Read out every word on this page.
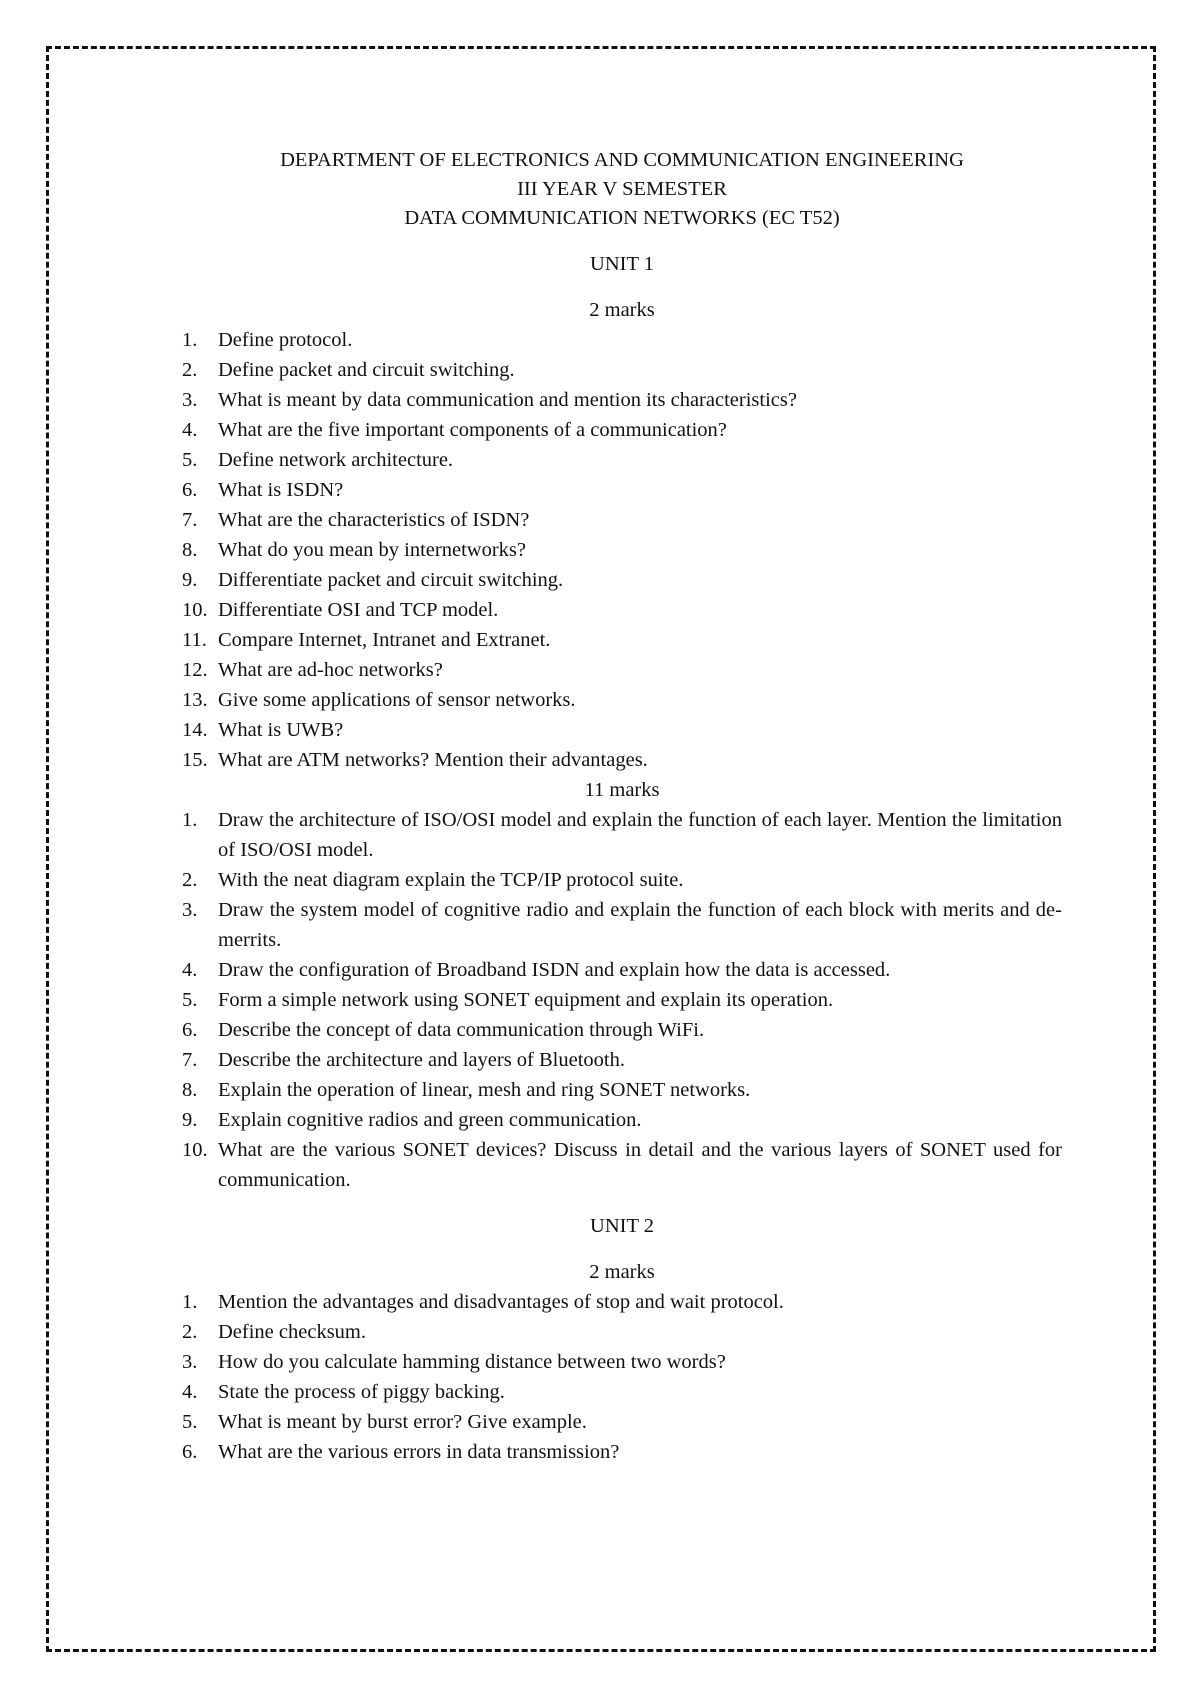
DEPARTMENT OF ELECTRONICS AND COMMUNICATION ENGINEERING
III YEAR V SEMESTER
DATA COMMUNICATION NETWORKS (EC T52)
UNIT 1
2 marks
1.	Define protocol.
2.	Define packet and circuit switching.
3.	What is meant by data communication and mention its characteristics?
4.	What are the five important components of a communication?
5.	Define network architecture.
6.	What is ISDN?
7.	What are the characteristics of ISDN?
8.	What do you mean by internetworks?
9.	Differentiate packet and circuit switching.
10. Differentiate OSI and TCP model.
11. Compare Internet, Intranet and Extranet.
12. What are ad-hoc networks?
13. Give some applications of sensor networks.
14. What is UWB?
15. What are ATM networks? Mention their advantages.
11 marks
1.	Draw the architecture of ISO/OSI model and explain the function of each layer. Mention the limitation of ISO/OSI model.
2.	With the neat diagram explain the TCP/IP protocol suite.
3.	Draw the system model of cognitive radio and explain the function of each block with merits and de-merrits.
4.	Draw the configuration of Broadband ISDN and explain how the data is accessed.
5.	Form a simple network using SONET equipment and explain its operation.
6.	Describe the concept of data communication through WiFi.
7.	Describe the architecture and layers of Bluetooth.
8.	Explain the operation of linear, mesh and ring SONET networks.
9.	Explain cognitive radios and green communication.
10. What are the various SONET devices? Discuss in detail and the various layers of SONET used for communication.
UNIT 2
2 marks
1.	Mention the advantages and disadvantages of stop and wait protocol.
2.	Define checksum.
3.	How do you calculate hamming distance between two words?
4.	State the process of piggy backing.
5.	What is meant by burst error? Give example.
6.	What are the various errors in data transmission?
